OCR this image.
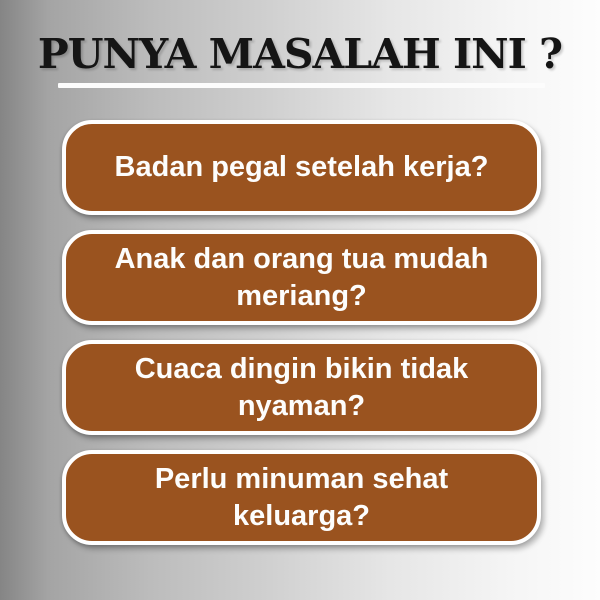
PUNYA MASALAH INI ?
Badan pegal setelah kerja?
Anak dan orang tua mudah meriang?
Cuaca dingin bikin tidak nyaman?
Perlu minuman sehat keluarga?
